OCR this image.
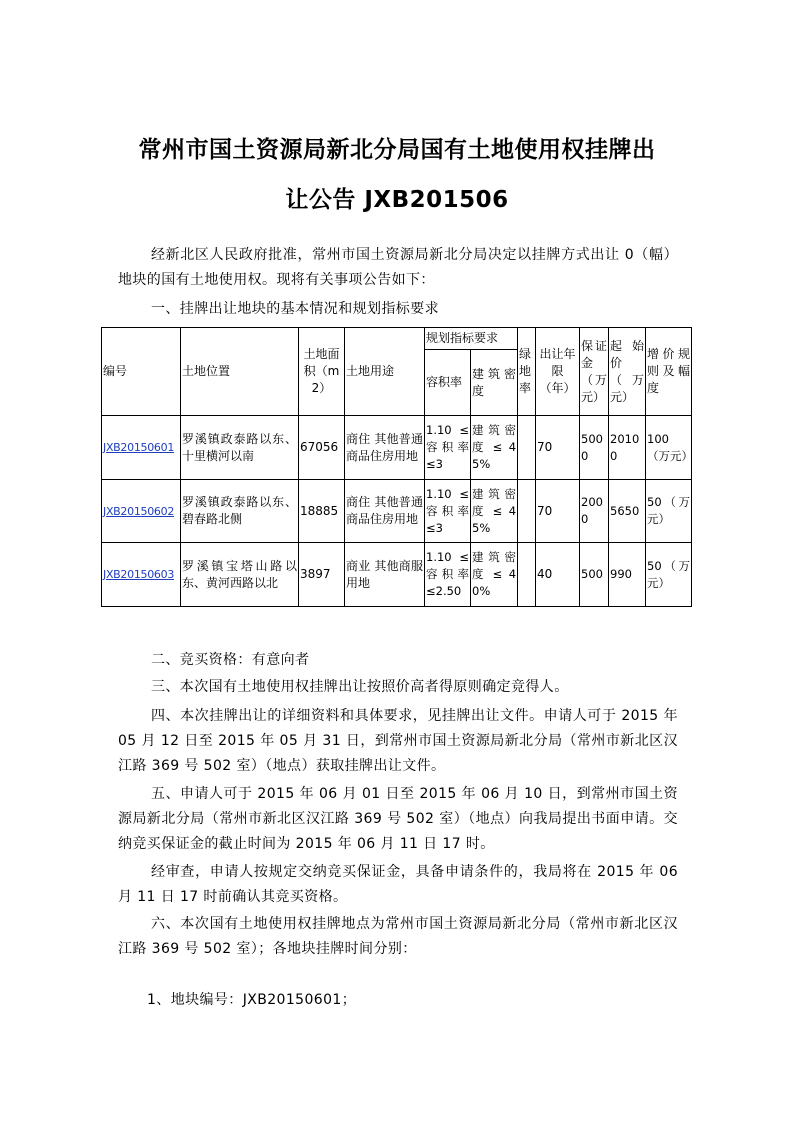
常州市国土资源局新北分局国有土地使用权挂牌出
让公告 JXB201506
经新北区人民政府批准，常州市国土资源局新北分局决定以挂牌方式出让 0（幅）地块的国有土地使用权。现将有关事项公告如下：
一、挂牌出让地块的基本情况和规划指标要求
编号	土地位置	土地面积（m2）	土地用途	规划指标要求		绿地率	出让年限（年）	保证金（万元）	起始价（万元）	增价规则及幅度
				容积率	建筑密度					
JXB20150601	罗溪镇政泰路以东、十里横河以南	67056	商住 其他普通商品住房用地	1.10 ≤ 容积率 ≤3	建筑密度 ≤ 45%		70	5000	20100	100（万元）
JXB20150602	罗溪镇政泰路以东、碧春路北侧	18885	商住 其他普通商品住房用地	1.10 ≤ 容积率 ≤3	建筑密度 ≤ 45%		70	2000	5650	50（万元）
JXB20150603	罗溪镇宝塔山路以东、黄河西路以北	3897	商业 其他商服用地	1.10 ≤ 容积率 ≤2.50	建筑密度 ≤ 40%		40	500	990	50（万元）
二、竞买资格：有意向者
三、本次国有土地使用权挂牌出让按照价高者得原则确定竞得人。
四、本次挂牌出让的详细资料和具体要求，见挂牌出让文件。申请人可于 2015 年 05 月 12 日至 2015 年 05 月 31 日，到常州市国土资源局新北分局（常州市新北区汉江路 369 号 502 室）（地点）获取挂牌出让文件。
五、申请人可于 2015 年 06 月 01 日至 2015 年 06 月 10 日，到常州市国土资源局新北分局（常州市新北区汉江路 369 号 502 室）（地点）向我局提出书面申请。交纳竞买保证金的截止时间为 2015 年 06 月 11 日 17 时。
经审查，申请人按规定交纳竞买保证金，具备申请条件的，我局将在 2015 年 06 月 11 日 17 时前确认其竞买资格。
六、本次国有土地使用权挂牌地点为常州市国土资源局新北分局（常州市新北区汉江路 369 号 502 室）；各地块挂牌时间分别：
1、地块编号：JXB20150601；
